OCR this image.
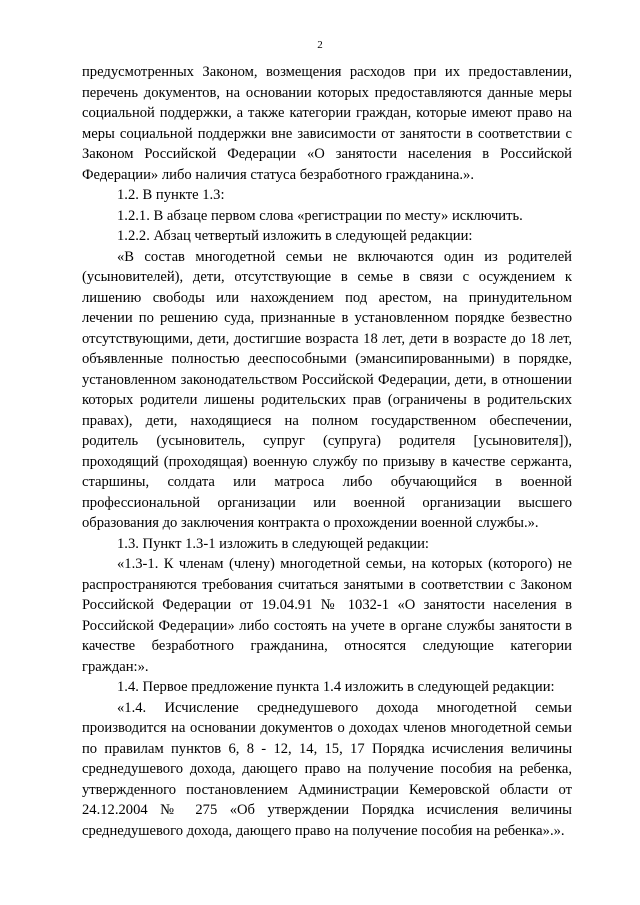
2

предусмотренных Законом, возмещения расходов при их предоставлении, перечень документов, на основании которых предоставляются данные меры социальной поддержки, а также категории граждан, которые имеют право на меры социальной поддержки вне зависимости от занятости в соответствии с Законом Российской Федерации «О занятости населения в Российской Федерации» либо наличия статуса безработного гражданина.».

1.2. В пункте 1.3:

1.2.1. В абзаце первом слова «регистрации по месту» исключить.

1.2.2. Абзац четвертый изложить в следующей редакции:

«В состав многодетной семьи не включаются один из родителей (усыновителей), дети, отсутствующие в семье в связи с осуждением к лишению свободы или нахождением под арестом, на принудительном лечении по решению суда, признанные в установленном порядке безвестно отсутствующими, дети, достигшие возраста 18 лет, дети в возрасте до 18 лет, объявленные полностью дееспособными (эмансипированными) в порядке, установленном законодательством Российской Федерации, дети, в отношении которых родители лишены родительских прав (ограничены в родительских правах), дети, находящиеся на полном государственном обеспечении, родитель (усыновитель, супруг (супруга) родителя [усыновителя]), проходящий (проходящая) военную службу по призыву в качестве сержанта, старшины, солдата или матроса либо обучающийся в военной профессиональной организации или военной организации высшего образования до заключения контракта о прохождении военной службы.».

1.3. Пункт 1.3-1 изложить в следующей редакции:

«1.3-1. К членам (члену) многодетной семьи, на которых (которого) не распространяются требования считаться занятыми в соответствии с Законом Российской Федерации от 19.04.91 № 1032-1 «О занятости населения в Российской Федерации» либо состоять на учете в органе службы занятости в качестве безработного гражданина, относятся следующие категории граждан:».

1.4. Первое предложение пункта 1.4 изложить в следующей редакции:

«1.4. Исчисление среднедушевого дохода многодетной семьи производится на основании документов о доходах членов многодетной семьи по правилам пунктов 6, 8 - 12, 14, 15, 17 Порядка исчисления величины среднедушевого дохода, дающего право на получение пособия на ребенка, утвержденного постановлением Администрации Кемеровской области от 24.12.2004 № 275 «Об утверждении Порядка исчисления величины среднедушевого дохода, дающего право на получение пособия на ребенка».».
